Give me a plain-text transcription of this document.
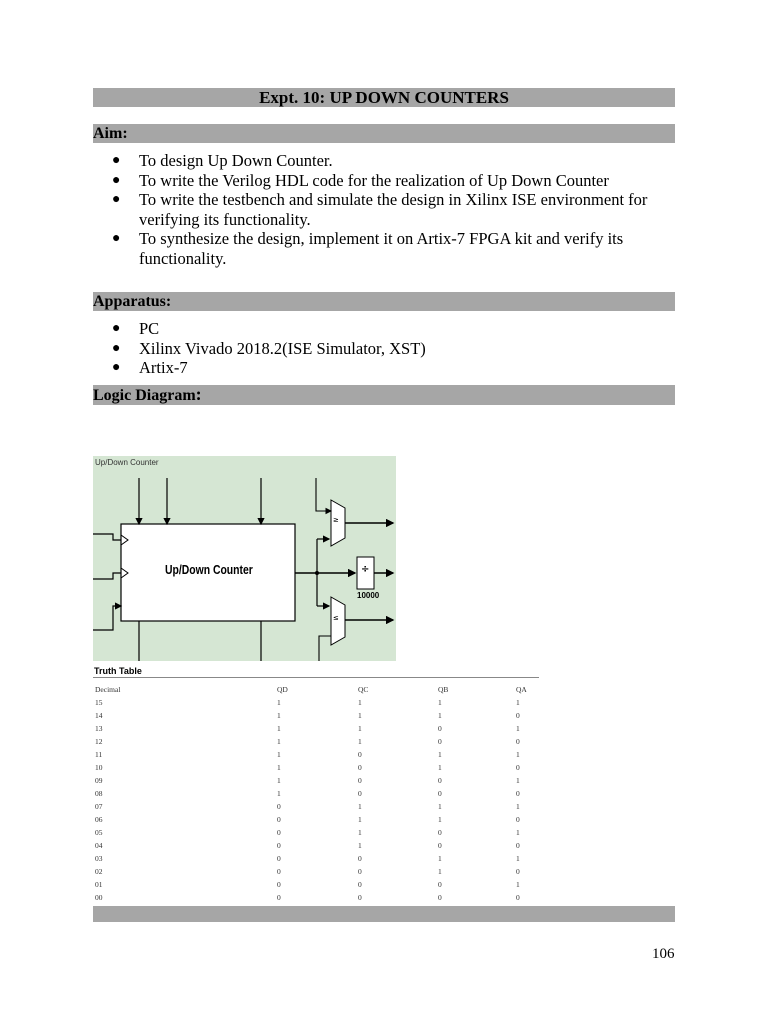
Expt. 10: UP DOWN COUNTERS
Aim:
● To design Up Down Counter.
● To write the Verilog HDL code for the realization of Up Down Counter
● To write the testbench and simulate the design in Xilinx ISE environment for verifying its functionality.
● To synthesize the design, implement it on Artix-7 FPGA kit and verify its functionality.
Apparatus:
● PC
● Xilinx Vivado 2018.2(ISE Simulator, XST)
● Artix-7
Logic Diagram:
Up/Down Counter
Up/Down Counter
≥
≤
÷
10000
Truth Table
Decimal	QD	QC	QB	QA
15	1	1	1	1
14	1	1	1	0
13	1	1	0	1
12	1	1	0	0
11	1	0	1	1
10	1	0	1	0
09	1	0	0	1
08	1	0	0	0
07	0	1	1	1
06	0	1	1	0
05	0	1	0	1
04	0	1	0	0
03	0	0	1	1
02	0	0	1	0
01	0	0	0	1
00	0	0	0	0
106
